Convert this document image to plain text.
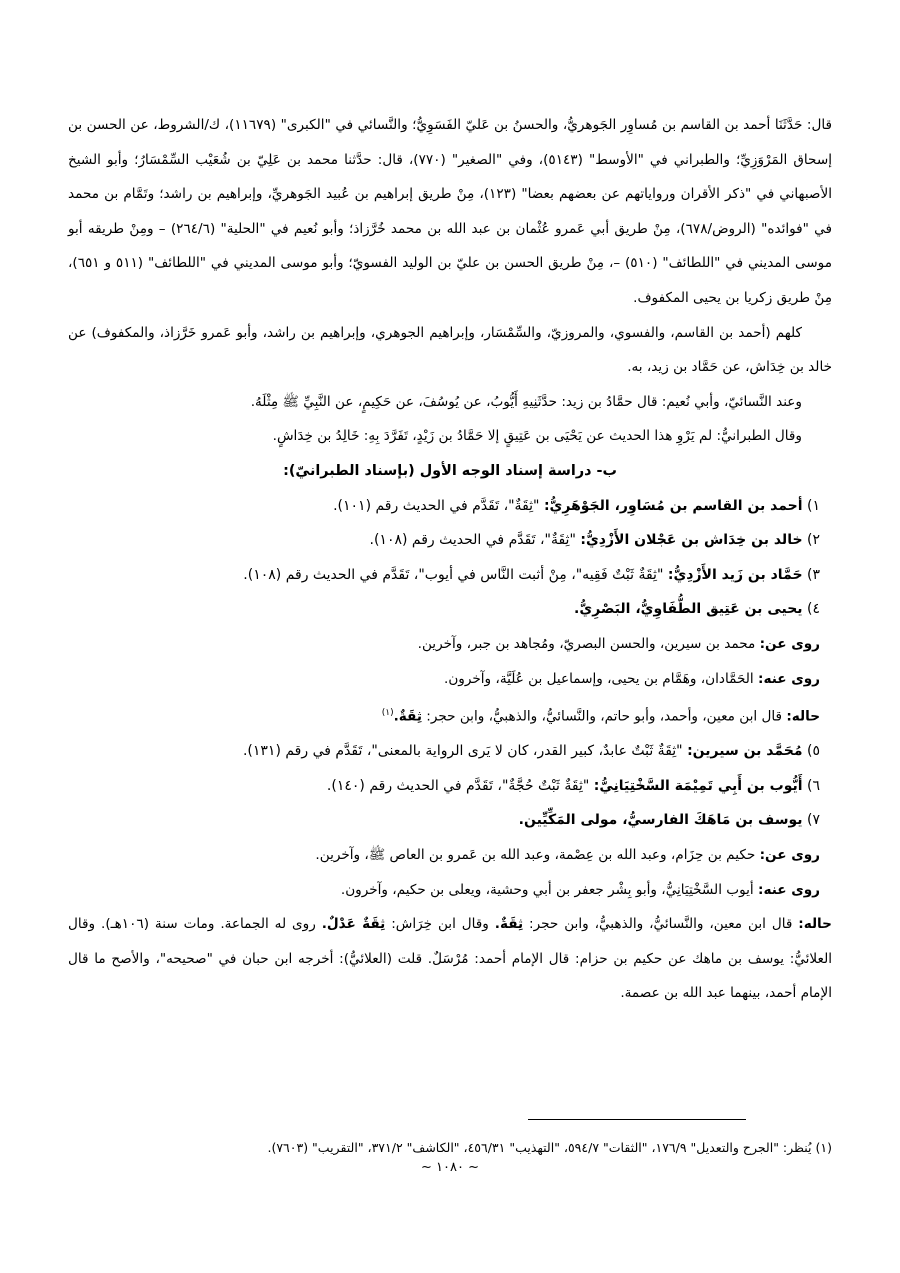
قال: حَدَّثَنَا أحمد بن القاسم بن مُساوِر الجَوهريُّ، والحسنُ بن عَليّ الفَسَوِيُّ؛ والنَّسائي في "الكبرى" (١١٦٧٩)، ك/الشروط، عن الحسن بن إسحاق المَرْوَزِيِّ؛ والطبراني في "الأوسط" (٥١٤٣)، وفي "الصغير" (٧٧٠)، قال: حدَّثنا محمد بن عَلِيّ بن شُعَيْب السِّمْسَارُ؛ وأبو الشيخ الأصبهاني في "ذكر الأقران ورواياتهم عن بعضهم بعضا" (١٢٣)، مِنْ طريق إبراهيم بن عُبيد الجَوهريِّ، وإبراهيم بن راشد؛ وتَمَّام بن محمد في "فوائده" (الروض/٦٧٨)، مِنْ طريق أبي عَمرو عُثْمان بن عبد الله بن محمد خُرَّزاذ؛ وأبو نُعيم في "الحلية" (٢٦٤/٦) – ومِنْ طريقه أبو موسى المديني في "اللطائف" (٥١٠) –، مِنْ طريق الحسن بن عليّ بن الوليد الفسويّ؛ وأبو موسى المديني في "اللطائف" (٥١١ و ٦٥١)، مِنْ طريق زكريا بن يحيى المكفوف.

كلهم (أحمد بن القاسم، والفسوي، والمروزيّ، والسِّمْسَار، وإبراهيم الجوهري، وإبراهيم بن راشد، وأبو عَمرو خَرَّزاذ، والمكفوف) عن خالد بن خِدَاش، عن حَمَّاد بن زيد، به.

وعند النَّسائيّ، وأبي نُعيم: قال حمَّادُ بن زيد: حدَّثَنِيهِ أَيُّوبُ، عن يُوسُفَ، عن حَكِيمٍ، عن النَّبِيِّ ﷺ مِثْلَهُ.

وقال الطبرانيُّ: لم يَرْوِ هذا الحديث عن يَحْيَى بن عَتِيقٍ إلا حَمَّادُ بن زَيْدٍ، تَفَرَّدَ بِهِ: خَالِدُ بن خِدَاشٍ.

ب- دراسة إسناد الوجه الأول (بإسناد الطبرانيّ):

١) أحمد بن القاسم بن مُسَاوِر، الجَوْهَرِيُّ: "ثِقَةٌ"، تَقَدَّم في الحديث رقم (١٠١).

٢) خالد بن خِدَاش بن عَجْلان الأَزْدِيُّ: "ثِقَةٌ"، تَقَدَّم في الحديث رقم (١٠٨).

٣) حَمَّاد بن زَيد الأَزْدِيُّ: "ثِقَةٌ ثَبْتٌ فَقِيه"، مِنْ أثبت النَّاس في أيوب"، تَقَدَّم في الحديث رقم (١٠٨).

٤) يحيى بن عَتِيق الطُّفَاوِيُّ، البَصْرِيُّ.

روى عن: محمد بن سيرين، والحسن البصريّ، ومُجاهد بن جبر، وآخرين.

روى عنه: الحَمَّادان، وهَمَّام بن يحيى، وإسماعيل بن عُلَيَّة، وآخرون.

حاله: قال ابن معين، وأحمد، وأبو حاتم، والنَّسائيُّ، والذهبيُّ، وابن حجر: ثِقَةٌ.$^{(١)}$

٥) مُحَمَّد بن سيرين: "ثِقَةٌ ثَبْتٌ عابدٌ، كبير القدر، كان لا يَرى الرواية بالمعنى"، تَقَدَّم في رقم (١٣١).

٦) أَيُّوب بن أَبِي تَمِيْمَة السَّخْتِيَانِيُّ: "ثِقَةٌ ثَبْتٌ حُجَّةٌ"، تَقَدَّم في الحديث رقم (١٤٠).

٧) يوسف بن مَاهَكَ الفارسيُّ، مولى المَكِّيِّين.

روى عن: حكيم بن حِزَام، وعبد الله بن عِصْمة، وعبد الله بن عَمرو بن العاص ﷺ، وآخرين.

روى عنه: أيوب السَّخْتِيَانِيُّ، وأبو بِشْر جعفر بن أبي وحشية، ويعلى بن حكيم، وآخرون.

حاله: قال ابن معين، والنَّسائيُّ، والذهبيُّ، وابن حجر: ثِقَةٌ. وقال ابن خِرَاش: ثِقَةٌ عَدْلٌ. روى له الجماعة. ومات سنة (١٠٦هـ). وقال العلائيُّ: يوسف بن ماهك عن حكيم بن حزام: قال الإمام أحمد: مُرْسَلٌ. قلت (العلائيُّ): أخرجه ابن حبان في "صحيحه"، والأصح ما قال الإمام أحمد، بينهما عبد الله بن عصمة.

(١) يُنظر: "الجرح والتعديل" ١٧٦/٩، "الثقات" ٥٩٤/٧، "التهذيب" ٤٥٦/٣١، "الكاشف" ٣٧١/٢، "التقريب" (٧٦٠٣).
~ ١٠٨٠ ~
